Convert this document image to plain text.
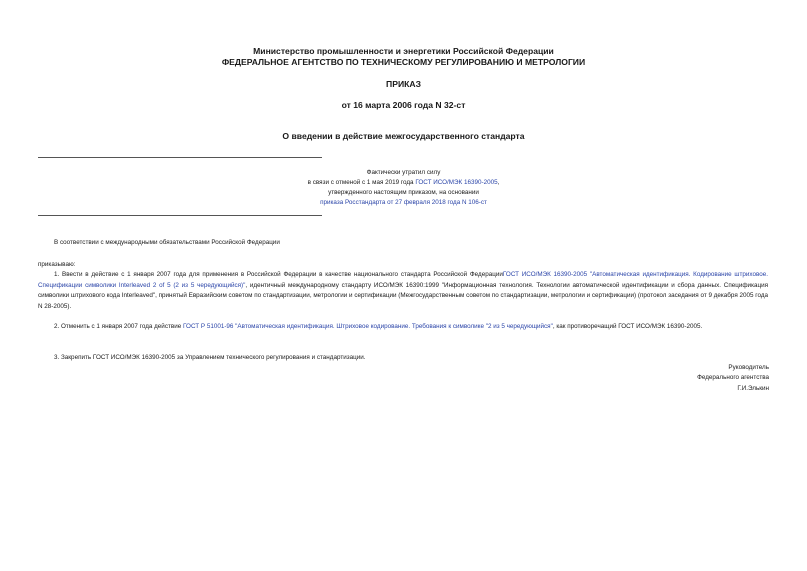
Министерство промышленности и энергетики Российской Федерации
ФЕДЕРАЛЬНОЕ АГЕНТСТВО ПО ТЕХНИЧЕСКОМУ РЕГУЛИРОВАНИЮ И МЕТРОЛОГИИ
ПРИКАЗ
от 16 марта 2006 года N 32-ст
О введении в действие межгосударственного стандарта
Фактически утратил силу
в связи с отменой с 1 мая 2019 года ГОСТ ИСО/МЭК 16390-2005,
утвержденного настоящим приказом, на основании
приказа Росстандарта от 27 февраля 2018 года N 106-ст
В соответствии с международными обязательствами Российской Федерации
приказываю:
1. Ввести в действие с 1 января 2007 года для применения в Российской Федерации в качестве национального стандарта Российской ФедерацииГОСТ ИСО/МЭК 16390-2005 "Автоматическая идентификация. Кодирование штриховое. Спецификации символики Interleaved 2 of 5 (2 из 5 чередующийся)", идентичный международному стандарту ИСО/МЭК 16390:1999 "Информационная технология. Технологии автоматической идентификации и сбора данных. Спецификация символики штрихового кода Interleaved", принятый Евразийским советом по стандартизации, метрологии и сертификации (Межгосударственным советом по стандартизации, метрологии и сертификации) (протокол заседания от 9 декабря 2005 года N 28-2005).
2. Отменить с 1 января 2007 года действие ГОСТ Р 51001-96 "Автоматическая идентификация. Штриховое кодирование. Требования к символике "2 из 5 чередующийся", как противоречащий ГОСТ ИСО/МЭК 16390-2005.
3. Закрепить ГОСТ ИСО/МЭК 16390-2005 за Управлением технического регулирования и стандартизации.
Руководитель
Федерального агентства
Г.И.Элькин
